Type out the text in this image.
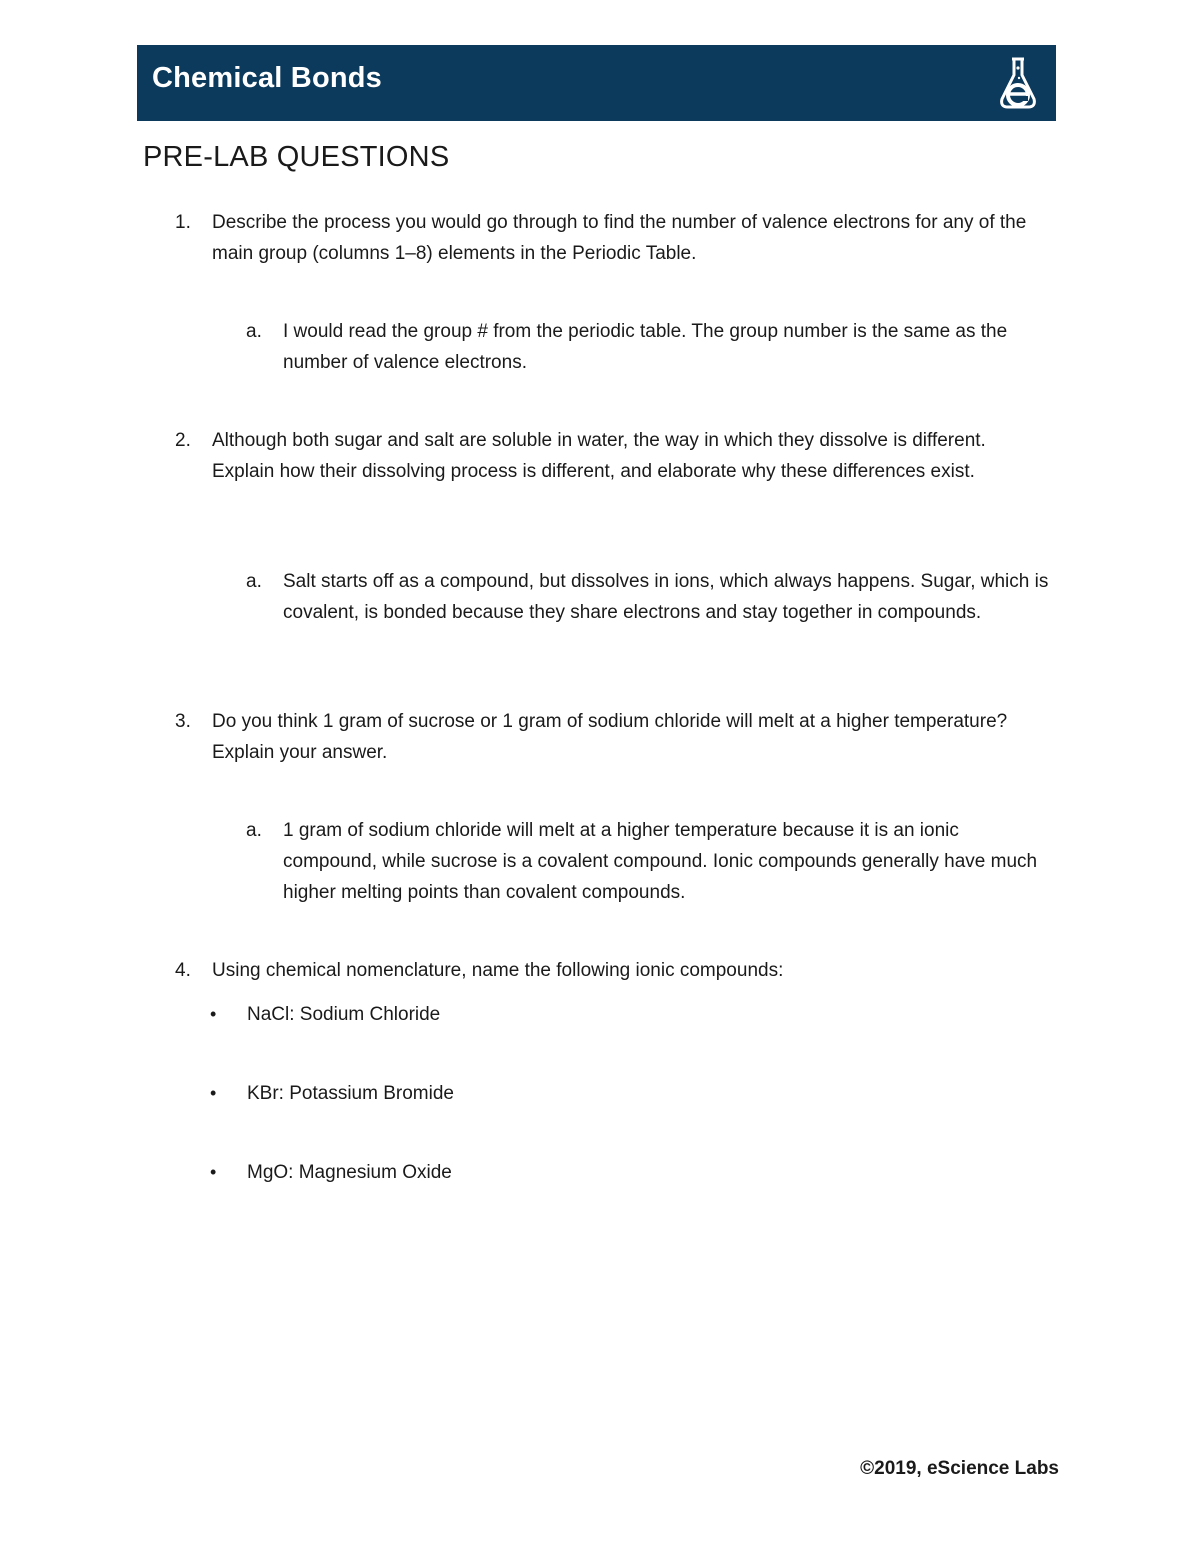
Chemical Bonds
PRE-LAB QUESTIONS
1.	Describe the process you would go through to find the number of valence electrons for any of the main group (columns 1–8) elements in the Periodic Table.
a. I would read the group # from the periodic table. The group number is the same as the number of valence electrons.
2.	Although both sugar and salt are soluble in water, the way in which they dissolve is different. Explain how their dissolving process is different, and elaborate why these differences exist.
a. Salt starts off as a compound, but dissolves in ions, which always happens. Sugar, which is covalent, is bonded because they share electrons and stay together in compounds.
3.	Do you think 1 gram of sucrose or 1 gram of sodium chloride will melt at a higher temperature? Explain your answer.
a. 1 gram of sodium chloride will melt at a higher temperature because it is an ionic compound, while sucrose is a covalent compound. Ionic compounds generally have much higher melting points than covalent compounds.
4.	Using chemical nomenclature, name the following ionic compounds:
• NaCl: Sodium Chloride
• KBr: Potassium Bromide
• MgO: Magnesium Oxide
©2019, eScience Labs
